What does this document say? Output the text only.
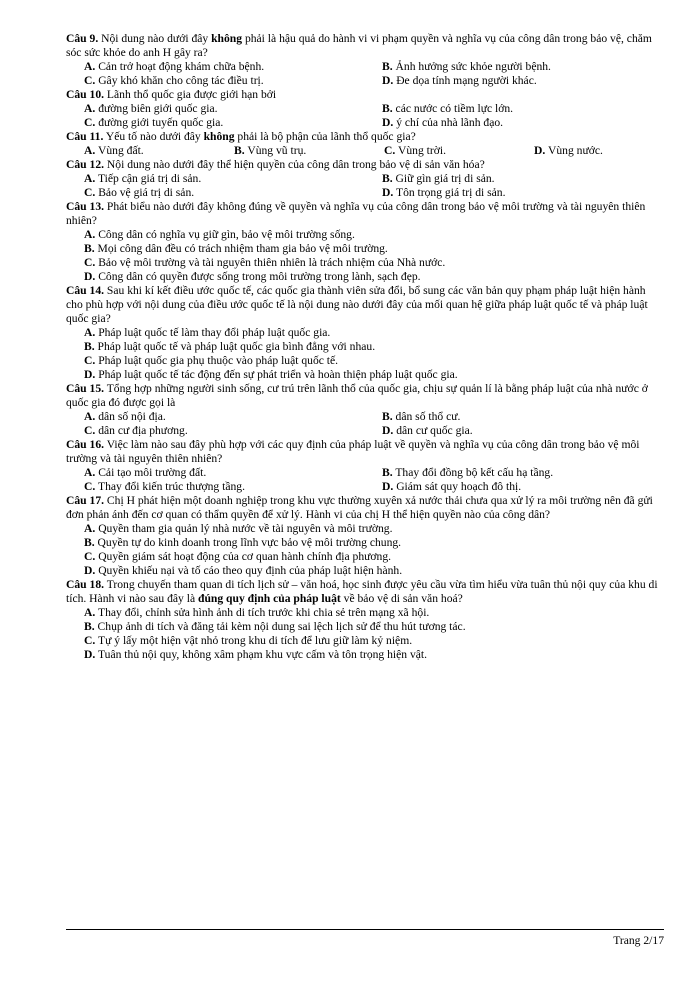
Câu 9. Nội dung nào dưới đây không phải là hậu quả do hành vi vi phạm quyền và nghĩa vụ của công dân trong bảo vệ, chăm sóc sức khỏe do anh H gây ra?
A. Cản trở hoạt động khám chữa bệnh.	B. Ảnh hưởng sức khỏe người bệnh.
C. Gây khó khăn cho công tác điều trị.	D. Đe dọa tính mạng người khác.
Câu 10. Lãnh thổ quốc gia được giới hạn bởi
A. đường biên giới quốc gia.	B. các nước có tiềm lực lớn.
C. đường giới tuyến quốc gia.	D. ý chí của nhà lãnh đạo.
Câu 11. Yếu tố nào dưới đây không phải là bộ phận của lãnh thổ quốc gia?
A. Vùng đất.	B. Vùng vũ trụ.	C. Vùng trời.	D. Vùng nước.
Câu 12. Nội dung nào dưới đây thể hiện quyền của công dân trong bảo vệ di sản văn hóa?
A. Tiếp cận giá trị di sản.	B. Giữ gìn giá trị di sản.
C. Bảo vệ giá trị di sản.	D. Tôn trọng giá trị di sản.
Câu 13. Phát biểu nào dưới đây không đúng về quyền và nghĩa vụ của công dân trong bảo vệ môi trường và tài nguyên thiên nhiên?
A. Công dân có nghĩa vụ giữ gìn, bảo vệ môi trường sống.
B. Mọi công dân đều có trách nhiệm tham gia bảo vệ môi trường.
C. Bảo vệ môi trường và tài nguyên thiên nhiên là trách nhiệm của Nhà nước.
D. Công dân có quyền được sống trong môi trường trong lành, sạch đẹp.
Câu 14. Sau khi kí kết điều ước quốc tế, các quốc gia thành viên sửa đổi, bổ sung các văn bản quy phạm pháp luật hiện hành cho phù hợp với nội dung của điều ước quốc tế là nội dung nào dưới đây của mối quan hệ giữa pháp luật quốc tế và pháp luật quốc gia?
A. Pháp luật quốc tế làm thay đổi pháp luật quốc gia.
B. Pháp luật quốc tế và pháp luật quốc gia bình đẳng với nhau.
C. Pháp luật quốc gia phụ thuộc vào pháp luật quốc tế.
D. Pháp luật quốc tế tác động đến sự phát triển và hoàn thiện pháp luật quốc gia.
Câu 15. Tổng hợp những người sinh sống, cư trú trên lãnh thổ của quốc gia, chịu sự quản lí là bằng pháp luật của nhà nước ở quốc gia đó được gọi là
A. dân số nội địa.	B. dân số thổ cư.
C. dân cư địa phương.	D. dân cư quốc gia.
Câu 16. Việc làm nào sau đây phù hợp với các quy định của pháp luật về quyền và nghĩa vụ của công dân trong bảo vệ môi trường và tài nguyên thiên nhiên?
A. Cải tạo môi trường đất.	B. Thay đổi đồng bộ kết cấu hạ tầng.
C. Thay đổi kiến trúc thượng tầng.	D. Giám sát quy hoạch đô thị.
Câu 17. Chị H phát hiện một doanh nghiệp trong khu vực thường xuyên xả nước thải chưa qua xử lý ra môi trường nên đã gửi đơn phản ánh đến cơ quan có thẩm quyền để xử lý. Hành vi của chị H thể hiện quyền nào của công dân?
A. Quyền tham gia quản lý nhà nước về tài nguyên và môi trường.
B. Quyền tự do kinh doanh trong lĩnh vực bảo vệ môi trường chung.
C. Quyền giám sát hoạt động của cơ quan hành chính địa phương.
D. Quyền khiếu nại và tố cáo theo quy định của pháp luật hiện hành.
Câu 18. Trong chuyến tham quan di tích lịch sử – văn hoá, học sinh được yêu cầu vừa tìm hiểu vừa tuân thủ nội quy của khu di tích. Hành vi nào sau đây là đúng quy định của pháp luật về bảo vệ di sản văn hoá?
A. Thay đổi, chỉnh sửa hình ảnh di tích trước khi chia sẻ trên mạng xã hội.
B. Chụp ảnh di tích và đăng tải kèm nội dung sai lệch lịch sử để thu hút tương tác.
C. Tự ý lấy một hiện vật nhỏ trong khu di tích để lưu giữ làm kỷ niệm.
D. Tuân thủ nội quy, không xâm phạm khu vực cấm và tôn trọng hiện vật.
Trang 2/17
